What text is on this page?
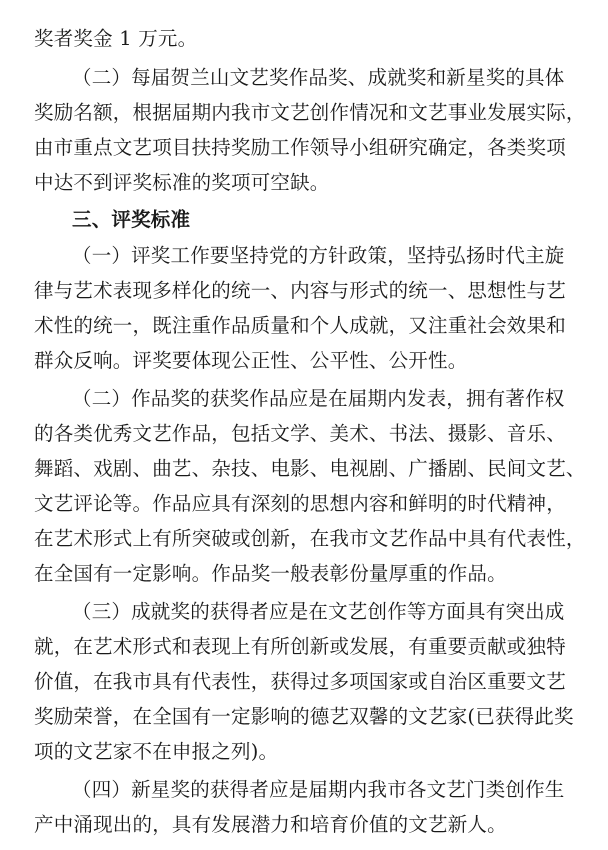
奖者奖金 1 万元。
（二）每届贺兰山文艺奖作品奖、成就奖和新星奖的具体
奖励名额，根据届期内我市文艺创作情况和文艺事业发展实际，
由市重点文艺项目扶持奖励工作领导小组研究确定，各类奖项
中达不到评奖标准的奖项可空缺。
三、评奖标准
（一）评奖工作要坚持党的方针政策，坚持弘扬时代主旋
律与艺术表现多样化的统一、内容与形式的统一、思想性与艺
术性的统一，既注重作品质量和个人成就，又注重社会效果和
群众反响。评奖要体现公正性、公平性、公开性。
（二）作品奖的获奖作品应是在届期内发表，拥有著作权
的各类优秀文艺作品，包括文学、美术、书法、摄影、音乐、
舞蹈、戏剧、曲艺、杂技、电影、电视剧、广播剧、民间文艺、
文艺评论等。作品应具有深刻的思想内容和鲜明的时代精神，
在艺术形式上有所突破或创新，在我市文艺作品中具有代表性，
在全国有一定影响。作品奖一般表彰份量厚重的作品。
（三）成就奖的获得者应是在文艺创作等方面具有突出成
就，在艺术形式和表现上有所创新或发展，有重要贡献或独特
价值，在我市具有代表性，获得过多项国家或自治区重要文艺
奖励荣誉，在全国有一定影响的德艺双馨的文艺家(已获得此奖
项的文艺家不在申报之列)。
（四）新星奖的获得者应是届期内我市各文艺门类创作生
产中涌现出的，具有发展潜力和培育价值的文艺新人。
